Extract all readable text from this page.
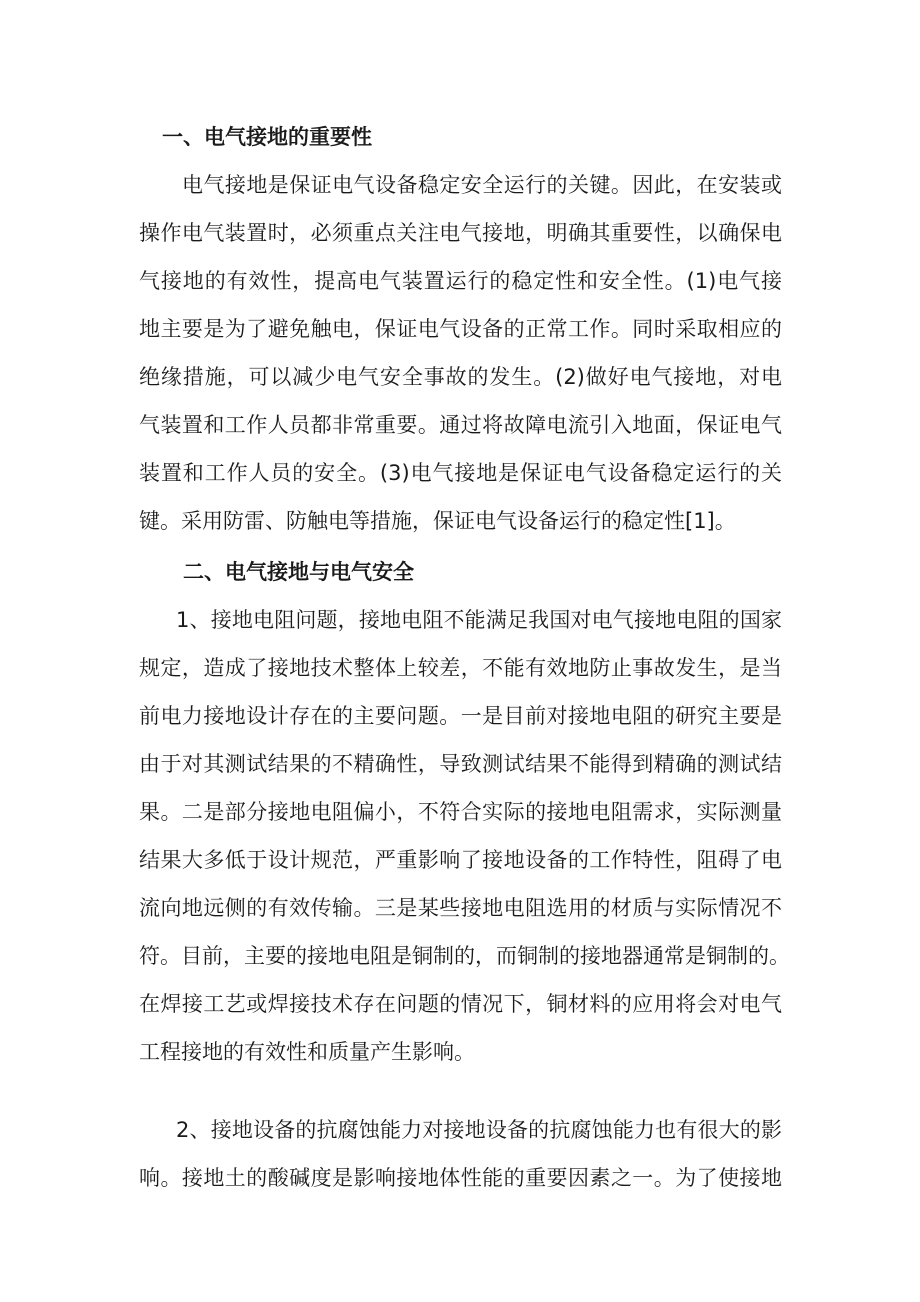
一、电气接地的重要性
电气接地是保证电气设备稳定安全运行的关键。因此，在安装或
操作电气装置时，必须重点关注电气接地，明确其重要性，以确保电
气接地的有效性，提高电气装置运行的稳定性和安全性。(1)电气接
地主要是为了避免触电，保证电气设备的正常工作。同时采取相应的
绝缘措施，可以减少电气安全事故的发生。(2)做好电气接地，对电
气装置和工作人员都非常重要。通过将故障电流引入地面，保证电气
装置和工作人员的安全。(3)电气接地是保证电气设备稳定运行的关
键。采用防雷、防触电等措施，保证电气设备运行的稳定性[1]。
二、电气接地与电气安全
1、接地电阻问题，接地电阻不能满足我国对电气接地电阻的国家
规定，造成了接地技术整体上较差，不能有效地防止事故发生，是当
前电力接地设计存在的主要问题。一是目前对接地电阻的研究主要是
由于对其测试结果的不精确性，导致测试结果不能得到精确的测试结
果。二是部分接地电阻偏小，不符合实际的接地电阻需求，实际测量
结果大多低于设计规范，严重影响了接地设备的工作特性，阻碍了电
流向地远侧的有效传输。三是某些接地电阻选用的材质与实际情况不
符。目前，主要的接地电阻是铜制的，而铜制的接地器通常是铜制的。
在焊接工艺或焊接技术存在问题的情况下，铜材料的应用将会对电气
工程接地的有效性和质量产生影响。
2、接地设备的抗腐蚀能力对接地设备的抗腐蚀能力也有很大的影
响。接地土的酸碱度是影响接地体性能的重要因素之一。为了使接地
